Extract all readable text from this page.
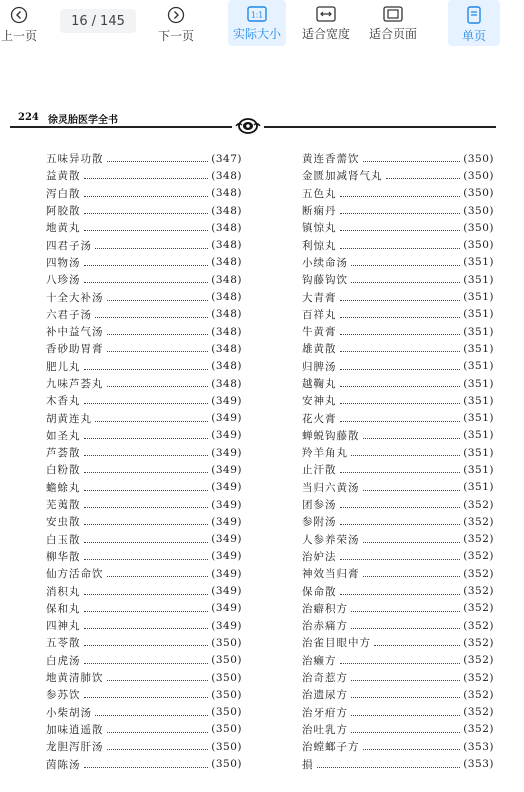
上一页
16 / 145
下一页
1:1
实际大小 适合宽度 适合页面	单页
224 徐灵胎医学全书
五味异功散	(347)
益黄散	(348)
泻白散	(348)
阿胶散	(348)
地黄丸	(348)
四君子汤	(348)
四物汤	(348)
八珍汤	(348)
十全大补汤	(348)
六君子汤	(348)
补中益气汤	(348)
香砂助胃膏	(348)
肥儿丸	(348)
九味芦荟丸	(348)
木香丸	(349)
胡黄连丸	(349)
如圣丸	(349)
芦荟散	(349)
白粉散	(349)
蟾蜍丸	(349)
芜荑散	(349)
安虫散	(349)
白玉散	(349)
柳华散	(349)
仙方活命饮	(349)
消积丸	(349)
保和丸	(349)
四神丸	(349)
五苓散	(350)
白虎汤	(350)
地黄清肺饮	(350)
参苏饮	(350)
小柴胡汤	(350)
加味逍遥散	(350)
龙胆泻肝汤	(350)
茵陈汤	(350)
黄连香薷饮	(350)
金匮加减肾气丸	(350)
五色丸	(350)
断痫丹	(350)
镇惊丸	(350)
利惊丸	(350)
小续命汤	(351)
钩藤钩饮	(351)
大青膏	(351)
百祥丸	(351)
牛黄膏	(351)
雄黄散	(351)
归脾汤	(351)
越鞠丸	(351)
安神丸	(351)
花火膏	(351)
蝉蜕钩藤散	(351)
羚羊角丸	(351)
止汗散	(351)
当归六黄汤	(351)
团参汤	(352)
参附汤	(352)
人参养荣汤	(352)
治妒法	(352)
神效当归膏	(352)
保命散	(352)
治癖积方	(352)
治赤痛方	(352)
治雀目眼中方	(352)
治癞方	(352)
治奇惹方	(352)
治遗尿方	(352)
治牙疳方	(352)
治吐乳方	(352)
治螳螂子方	(353)
損	(353)
